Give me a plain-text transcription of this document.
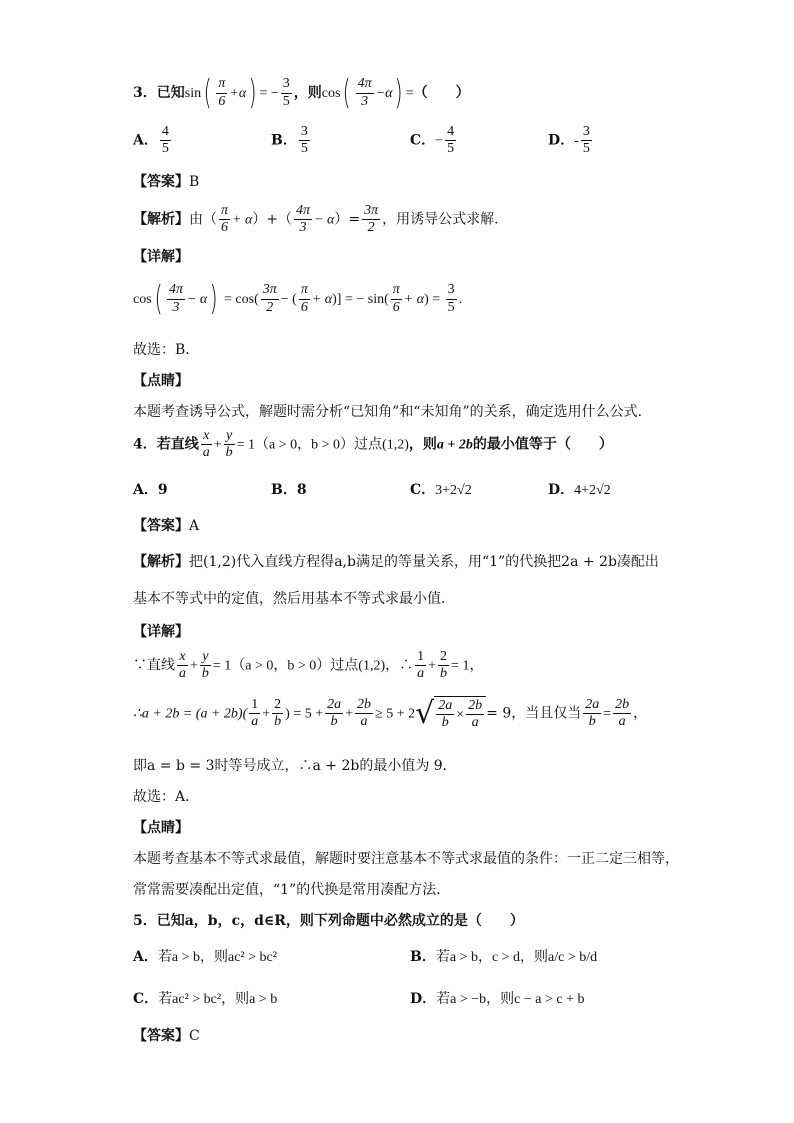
3．已知$\sin( \frac{\pi}{6} +\alpha)$ = − $\frac{3}{5}$ ，则$\cos( \frac{4\pi}{3} -\alpha)$ =（　　）
A． $\frac{4}{5}$	B． $\frac{3}{5}$	C．− $\frac{4}{5}$	D．- $\frac{3}{5}$
【答案】B
【解析】由（ $\frac{\pi}{6} + \alpha)+( \frac{4\pi}{3} - \alpha)= \frac{3\pi}{2}$ ，用诱导公式求解．
【详解】
$\cos( \frac{4\pi}{3} - \alpha) = \cos( \frac{3\pi}{2}$ − ( $\frac{\pi}{6} + \alpha$)] = − $\sin( \frac{\pi}{6} + \alpha) = \frac{3}{5}$ .
故选：B．
【点睛】
本题考查诱导公式，解题时需分析“已知角”和“未知角”的关系，确定选用什么公式．
4．若直线 $\frac{x}{a} + \frac{y}{b} = 1(a > 0$，b > 0）过点(1,2)，则a + 2b的最小值等于（　　）
A．9	B．8	C．3+2√2	D．4+2√2
【答案】A
【解析】把(1,2)代入直线方程得a,b满足的等量关系，用“1”的代换把2a + 2b凑配出
基本不等式中的定值，然后用基本不等式求最小值．
【详解】
∵直线 $\frac{x}{a} + \frac{y}{b} = 1(a > 0$，b > 0）过点(1,2)，∴ $\frac{1}{a} + \frac{2}{b} = 1$，
∴a + $2b = (a + 2b)( \frac{1}{a} + \frac{2}{b}$ ) = $5 + \frac{2a}{b} + \frac{2b}{a} \ge 5 + 2√ \frac{2a}{b} \times \frac{2b}{a} = 9$，当且仅当 $\frac{2a}{b} = \frac{2b}{a}$ ，
即a = b = 3时等号成立，∴a + 2b的最小值为 9．
故选：A．
【点睛】
本题考查基本不等式求最值，解题时要注意基本不等式求最值的条件：一正二定三相等，
常常需要凑配出定值，“1”的代换是常用凑配方法．
5．已知a，b，c，d∈R，则下列命题中必然成立的是（　　）
A．若a > b，则ac² > bc²	B．若a > b，c > d，则a/c > b/d
C．若ac² > bc²，则a > b	D．若a > −b，则c − a > c + b
【答案】C
